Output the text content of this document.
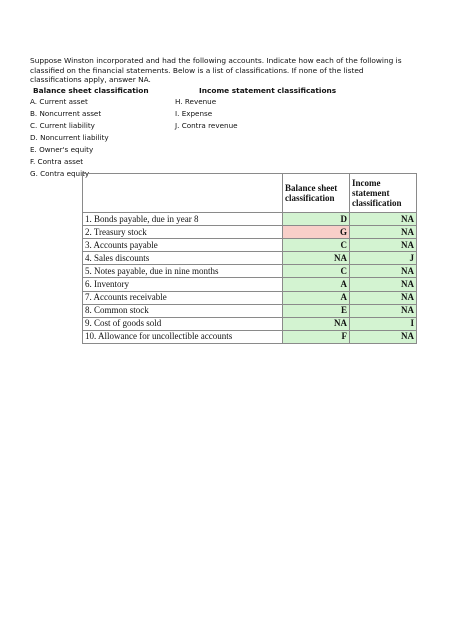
Suppose Winston incorporated and had the following accounts. Indicate how each of the following is classified on the financial statements. Below is a list of classifications. If none of the listed classifications apply, answer NA.

Balance sheet classification	Income statement classifications
A. Current asset
B. Noncurrent asset
C. Current liability
D. Noncurrent liability
E. Owner's equity
F. Contra asset
G. Contra equity
H. Revenue
I. Expense
J. Contra revenue
	Balance sheet classification	Income statement classification
1. Bonds payable, due in year 8	D	NA
2. Treasury stock	G	NA
3. Accounts payable	C	NA
4. Sales discounts	NA	J
5. Notes payable, due in nine months	C	NA
6. Inventory	A	NA
7. Accounts receivable	A	NA
8. Common stock	E	NA
9. Cost of goods sold	NA	I
10. Allowance for uncollectible accounts	F	NA
